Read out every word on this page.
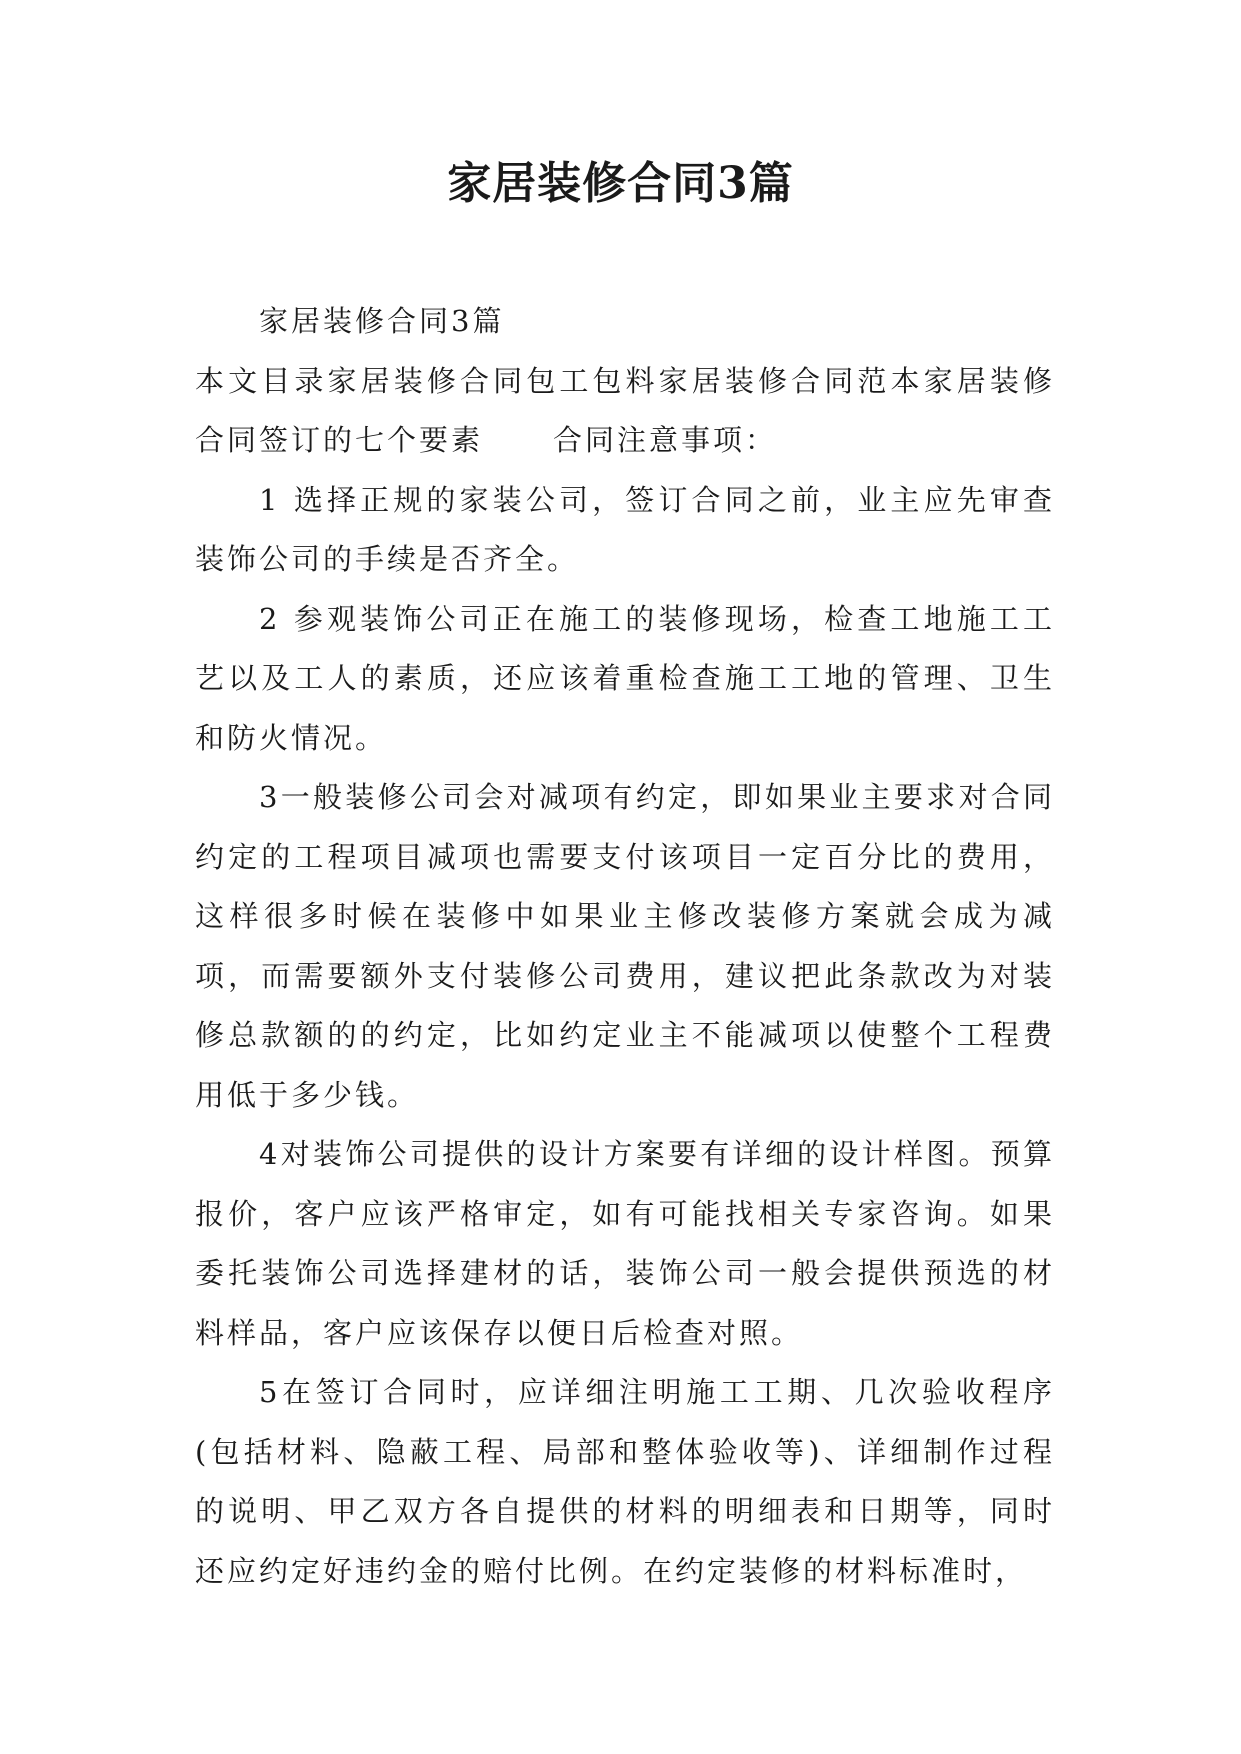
家居装修合同3篇

家居装修合同3篇

本文目录家居装修合同包工包料家居装修合同范本家居装修合同签订的七个要素 合同注意事项：

1 选择正规的家装公司，签订合同之前，业主应先审查装饰公司的手续是否齐全。

2 参观装饰公司正在施工的装修现场，检查工地施工工艺以及工人的素质，还应该着重检查施工工地的管理、卫生和防火情况。

3一般装修公司会对减项有约定，即如果业主要求对合同约定的工程项目减项也需要支付该项目一定百分比的费用，这样很多时候在装修中如果业主修改装修方案就会成为减项，而需要额外支付装修公司费用，建议把此条款改为对装修总款额的的约定，比如约定业主不能减项以使整个工程费用低于多少钱。

4对装饰公司提供的设计方案要有详细的设计样图。预算报价，客户应该严格审定，如有可能找相关专家咨询。如果委托装饰公司选择建材的话，装饰公司一般会提供预选的材料样品，客户应该保存以便日后检查对照。

5在签订合同时，应详细注明施工工期、几次验收程序(包括材料、隐蔽工程、局部和整体验收等)、详细制作过程的说明、甲乙双方各自提供的材料的明细表和日期等，同时还应约定好违约金的赔付比例。在约定装修的材料标准时，
